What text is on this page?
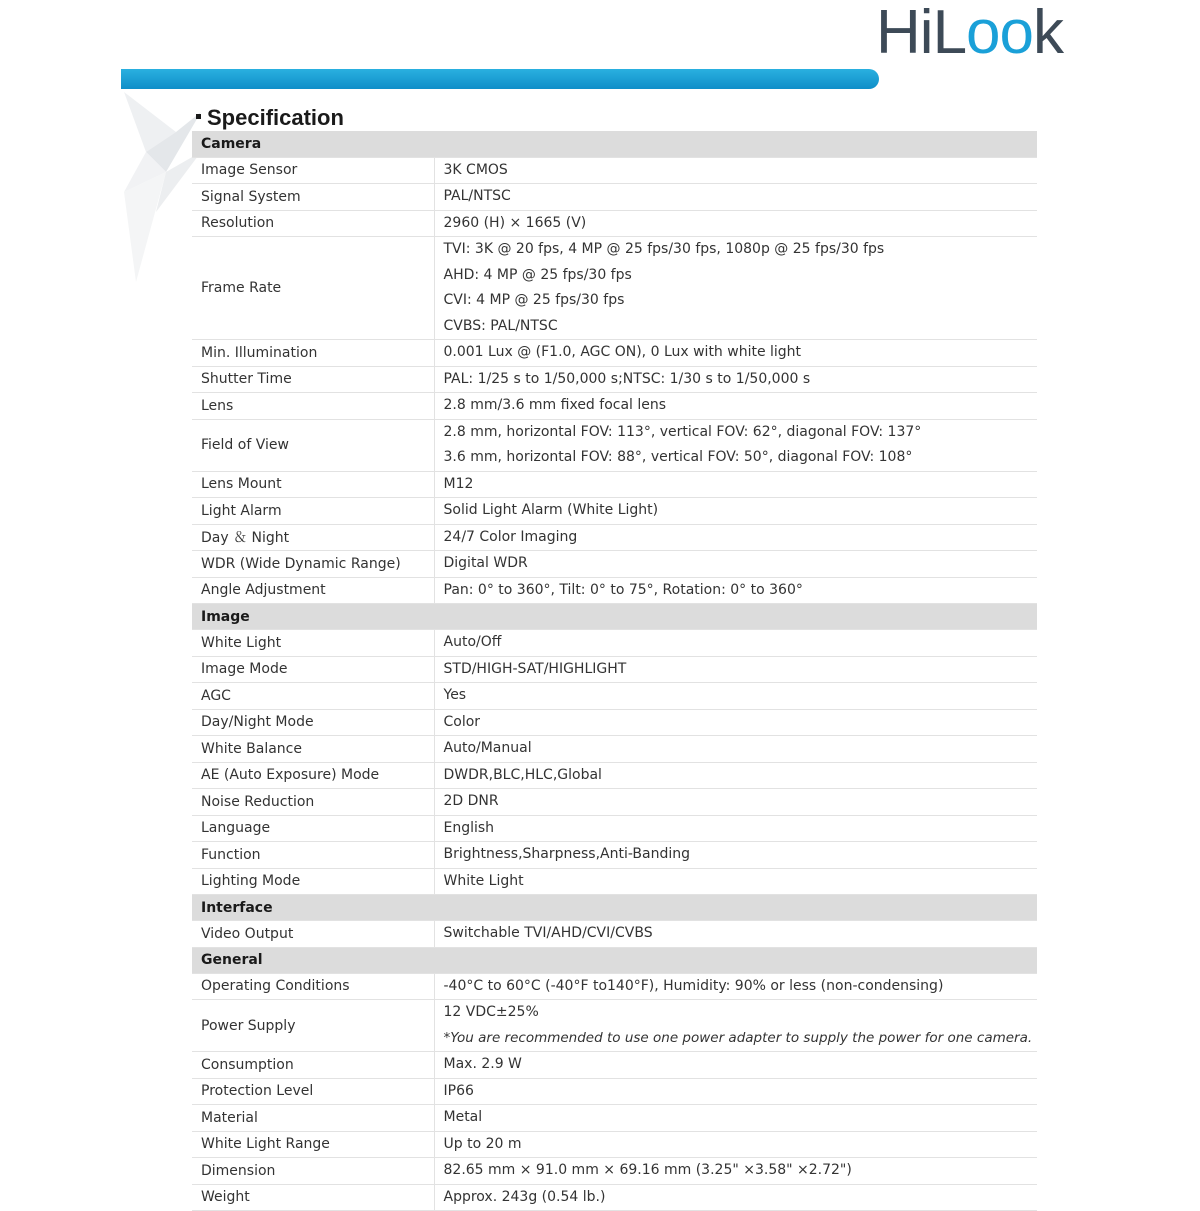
HiLook
Specification
Camera	
Image Sensor	3K CMOS

Signal System	PAL/NTSC

Resolution	2960 (H) × 1665 (V)

Frame Rate	TVI: 3K @ 20 fps, 4 MP @ 25 fps/30 fps, 1080p @ 25 fps/30 fps
AHD: 4 MP @ 25 fps/30 fps
CVI: 4 MP @ 25 fps/30 fps
CVBS: PAL/NTSC

Min. Illumination	0.001 Lux @ (F1.0, AGC ON), 0 Lux with white light

Shutter Time	PAL: 1/25 s to 1/50,000 s;NTSC: 1/30 s to 1/50,000 s

Lens	2.8 mm/3.6 mm fixed focal lens

Field of View	2.8 mm, horizontal FOV: 113°, vertical FOV: 62°, diagonal FOV: 137°
3.6 mm, horizontal FOV: 88°, vertical FOV: 50°, diagonal FOV: 108°

Lens Mount	M12

Light Alarm	Solid Light Alarm (White Light)

Day ＆ Night	24/7 Color Imaging

WDR (Wide Dynamic Range)	Digital WDR

Angle Adjustment	Pan: 0° to 360°, Tilt: 0° to 75°, Rotation: 0° to 360°

Image	
White Light	Auto/Off

Image Mode	STD/HIGH-SAT/HIGHLIGHT

AGC	Yes

Day/Night Mode	Color

White Balance	Auto/Manual

AE (Auto Exposure) Mode	DWDR,BLC,HLC,Global

Noise Reduction	2D DNR

Language	English

Function	Brightness,Sharpness,Anti-Banding

Lighting Mode	White Light

Interface	
Video Output	Switchable TVI/AHD/CVI/CVBS

General	
Operating Conditions	-40°C to 60°C (-40°F to140°F), Humidity: 90% or less (non-condensing)

Power Supply	12 VDC±25%
*You are recommended to use one power adapter to supply the power for one camera.

Consumption	Max. 2.9 W

Protection Level	IP66

Material	Metal

White Light Range	Up to 20 m

Dimension	82.65 mm × 91.0 mm × 69.16 mm (3.25" ×3.58" ×2.72")

Weight	Approx. 243g (0.54 lb.)
